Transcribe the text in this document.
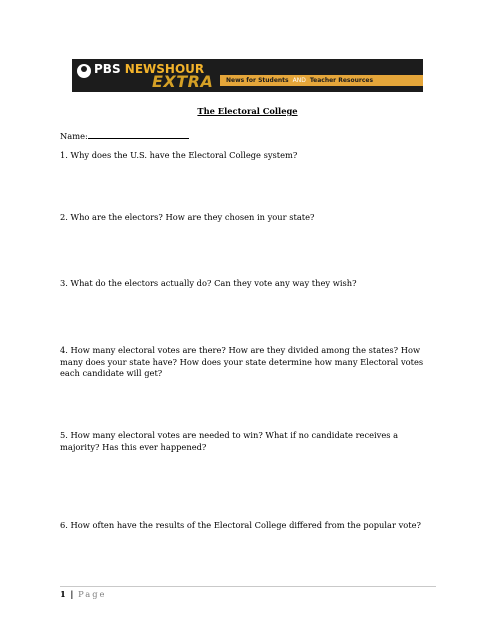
PBS NEWSHOUR
EXTRA News for Students AND Teacher Resources
The Electoral College
Name:
1. Why does the U.S. have the Electoral College system?
2. Who are the electors? How are they chosen in your state?
3. What do the electors actually do? Can they vote any way they wish?
4. How many electoral votes are there? How are they divided among the states? How many does your state have? How does your state determine how many Electoral votes each candidate will get?
5. How many electoral votes are needed to win? What if no candidate receives a majority? Has this ever happened?
6. How often have the results of the Electoral College differed from the popular vote?
1 | Page
